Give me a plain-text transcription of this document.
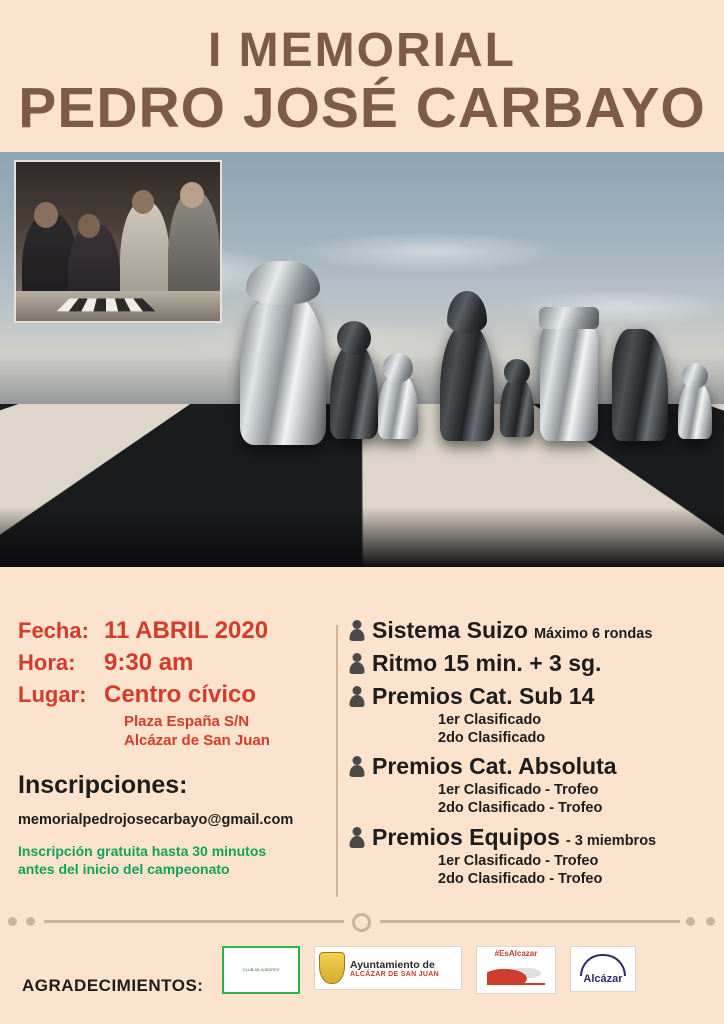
I MEMORIAL
PEDRO JOSÉ CARBAYO
Fecha: 11 ABRIL 2020
Hora:	9:30 am
Lugar: Centro cívico
Plaza España S/N
Alcázar de San Juan
Inscripciones:
memorialpedrojosecarbayo@gmail.com
Inscripción gratuita hasta 30 minutos
antes del inicio del campeonato
Sistema Suizo Máximo 6 rondas
Ritmo 15 min. + 3 sg.
Premios Cat. Sub 14
1er Clasificado
2do Clasificado
Premios Cat. Absoluta
1er Clasificado - Trofeo
2do Clasificado - Trofeo
Premios Equipos - 3 miembros
1er Clasificado - Trofeo
2do Clasificado - Trofeo
AGRADECIMIENTOS:
CLUB DE AJEDREZ	Ayuntamiento de
ALCÁZAR DE SAN JUAN
#EsAlcazar
Alcázar
